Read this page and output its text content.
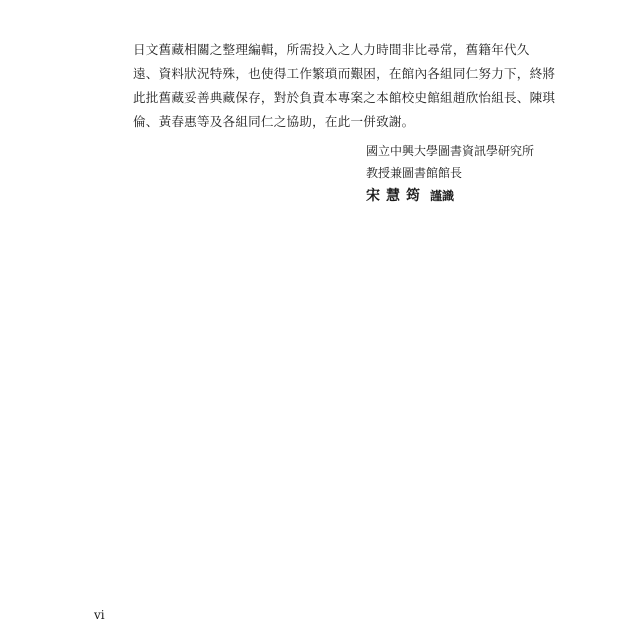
日文舊藏相關之整理編輯，所需投入之人力時間非比尋常，舊籍年代久
遠、資料狀況特殊，也使得工作繁瑣而艱困，在館內各組同仁努力下，終將
此批舊藏妥善典藏保存，對於負責本專案之本館校史館組趙欣怡組長、陳琪
倫、黃春惠等及各組同仁之協助，在此一併致謝。
國立中興大學圖書資訊學研究所
教授兼圖書館館長
宋慧筠 謹識
vi
